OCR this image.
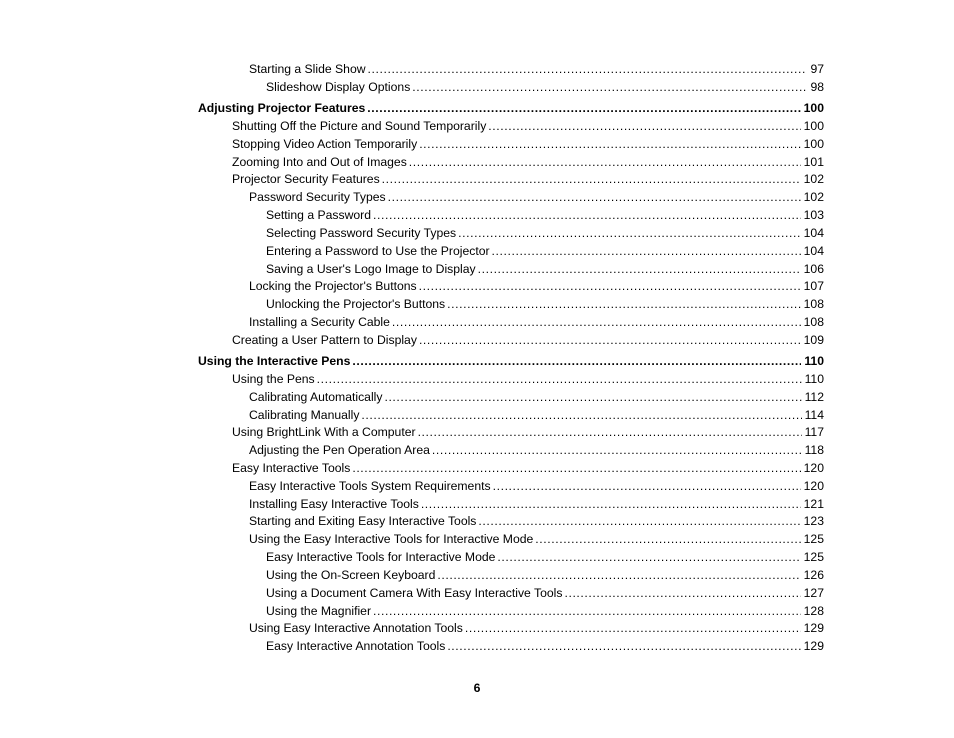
Starting a Slide Show .....	97
Slideshow Display Options .....	98
Adjusting Projector Features .....	100
Shutting Off the Picture and Sound Temporarily .....	100
Stopping Video Action Temporarily .....	100
Zooming Into and Out of Images .....	101
Projector Security Features .....	102
Password Security Types .....	102
Setting a Password .....	103
Selecting Password Security Types .....	104
Entering a Password to Use the Projector .....	104
Saving a User's Logo Image to Display .....	106
Locking the Projector's Buttons .....	107
Unlocking the Projector's Buttons .....	108
Installing a Security Cable .....	108
Creating a User Pattern to Display .....	109
Using the Interactive Pens .....	110
Using the Pens .....	110
Calibrating Automatically .....	112
Calibrating Manually .....	114
Using BrightLink With a Computer .....	117
Adjusting the Pen Operation Area .....	118
Easy Interactive Tools .....	120
Easy Interactive Tools System Requirements .....	120
Installing Easy Interactive Tools .....	121
Starting and Exiting Easy Interactive Tools .....	123
Using the Easy Interactive Tools for Interactive Mode .....	125
Easy Interactive Tools for Interactive Mode .....	125
Using the On-Screen Keyboard .....	126
Using a Document Camera With Easy Interactive Tools .....	127
Using the Magnifier .....	128
Using Easy Interactive Annotation Tools .....	129
Easy Interactive Annotation Tools .....	129
6
